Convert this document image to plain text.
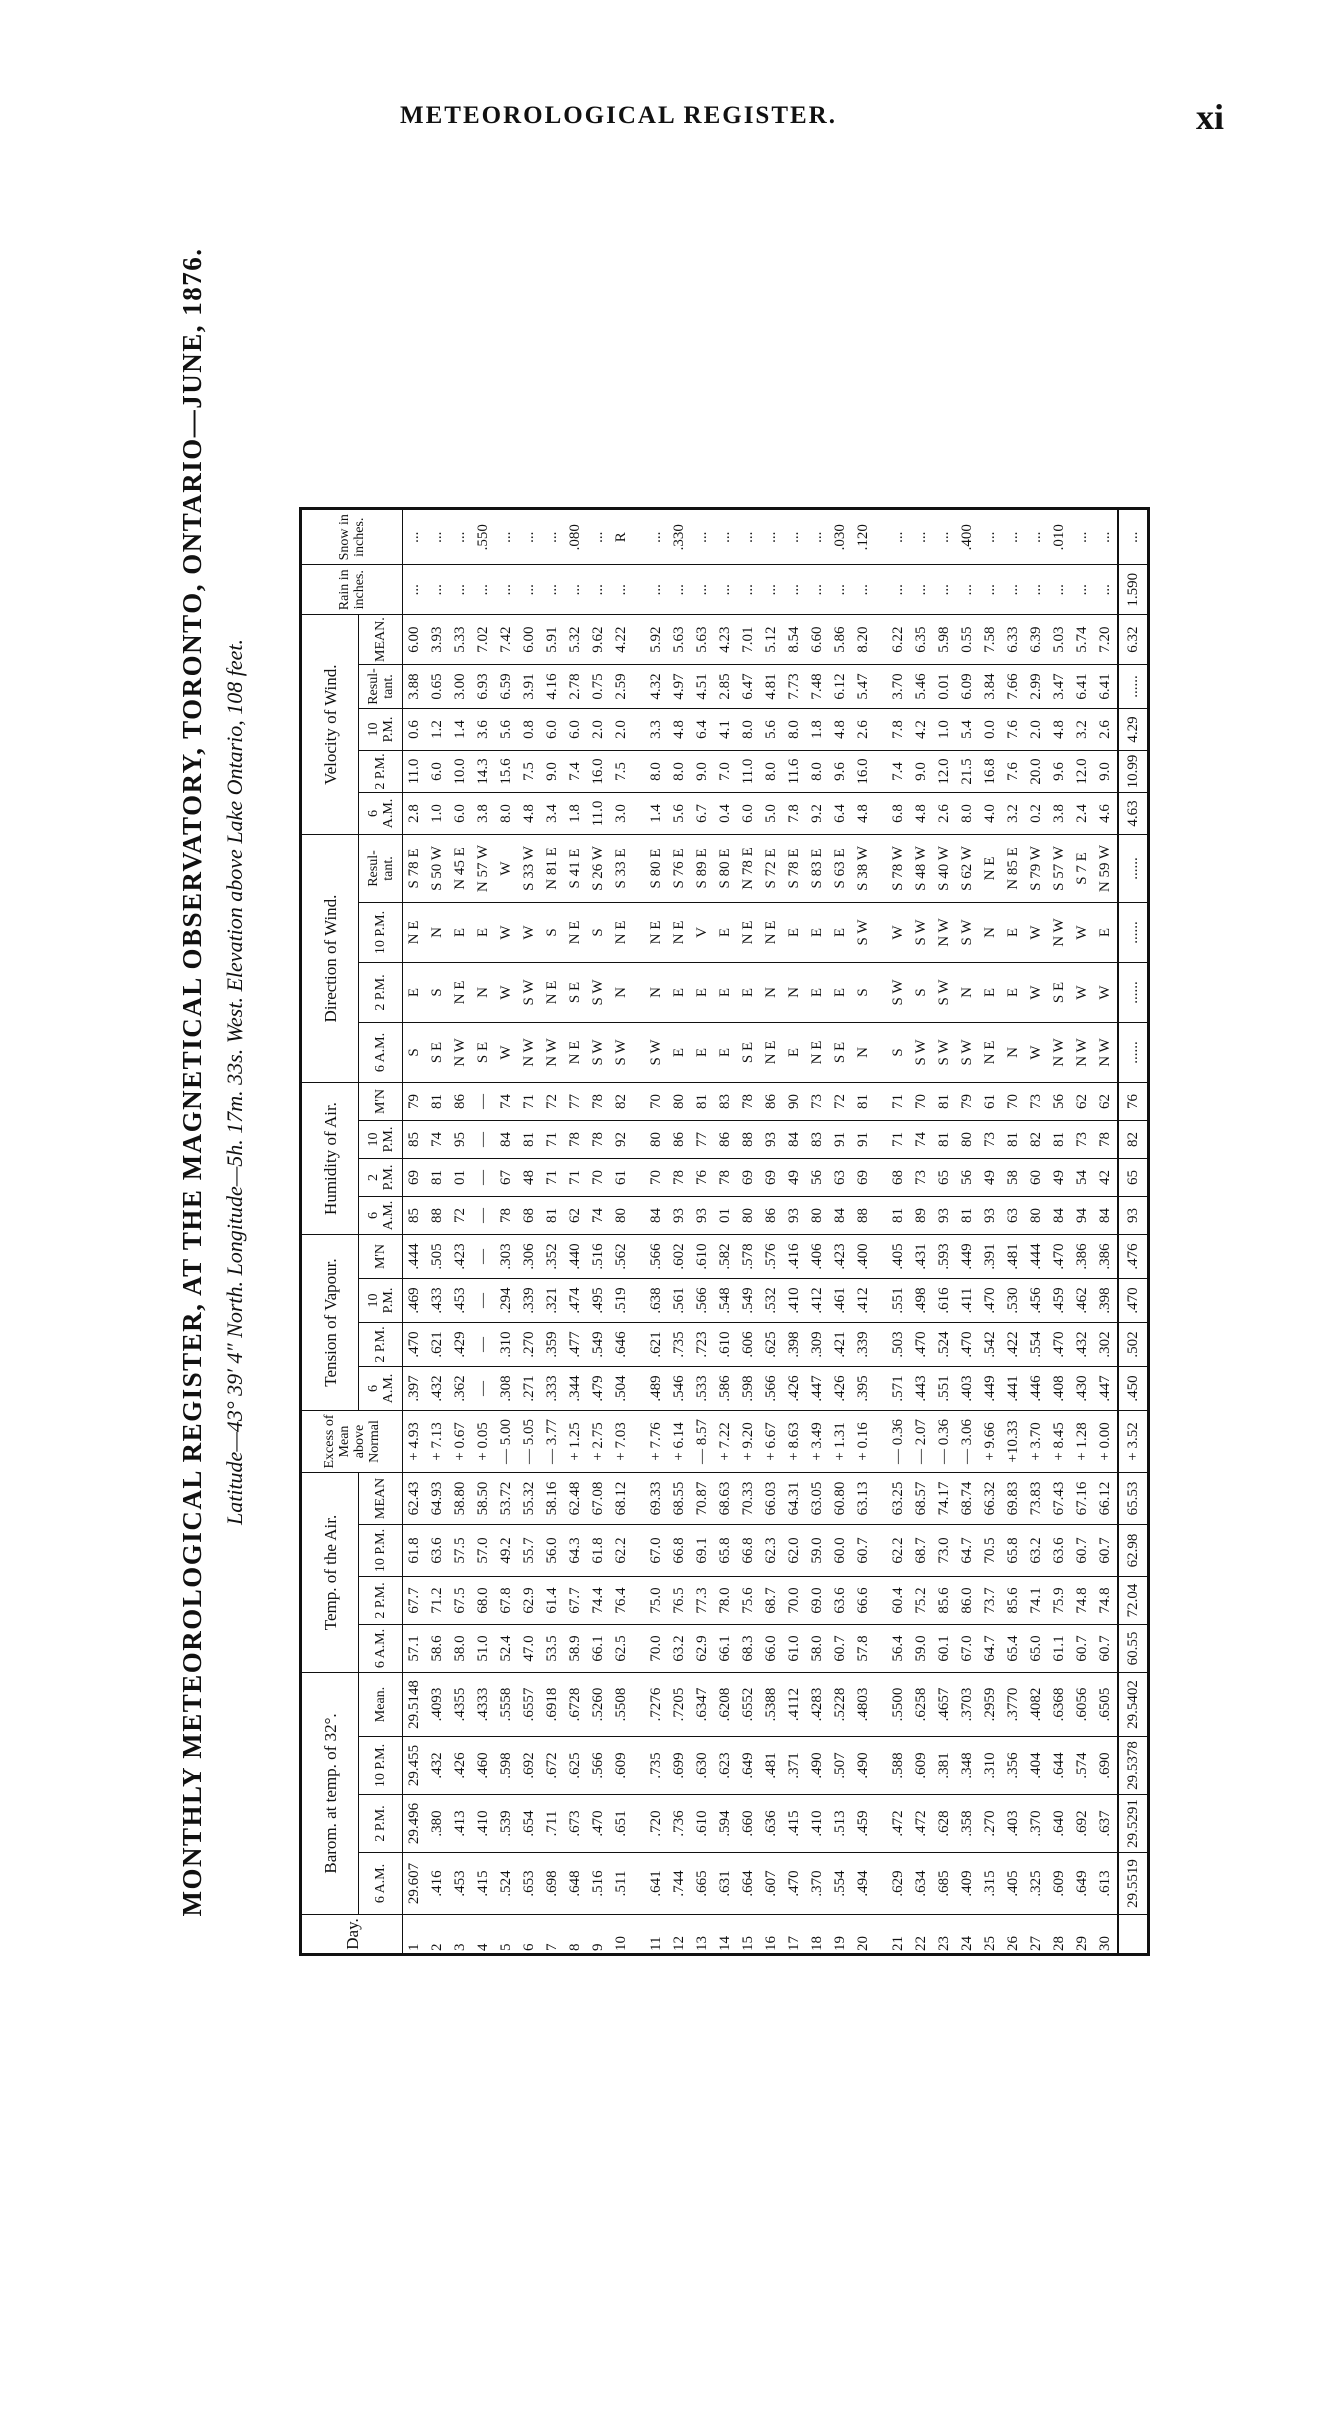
METEOROLOGICAL REGISTER.	xi
MONTHLY METEOROLOGICAL REGISTER, AT THE MAGNETICAL OBSERVATORY, TORONTO, ONTARIO—JUNE, 1876. Latitude—43° 39′ 4″ North. Longitude—5h. 17m. 33s. West. Elevation above Lake Ontario, 108 feet.
Day.	Barom. at temp. of 32°.				Temp. of the Air.				Excess of Mean above Normal	Tension of Vapour.				Humidity of Air.				Direction of Wind.				Velocity of Wind.					Rain in inches.	Snow in inches.
	6 A.M.	2 P.M.	10 P.M.	Mean.	6 A.M.	2 P.M.	10 P.M.	MEAN		6 A.M.	2 P.M.	10 P.M.	M'N	6 A.M.	2 P.M.	10 P.M.	M'N	6 A.M.	2 P.M.	10 P.M.	Resul- tant.	6 A.M.	2 P.M.	10 P.M.	Resul- tant.	MEAN.		
1	29.607	29.496	29.455	29.5148	57.1	67.7	61.8	62.43	+ 4.93	.397	.470	.469	.444	85	69	85	79	S	E	N E	S 78 E	2.8	11.0	0.6	3.88	6.00	...	...
2	.416	.380	.432	.4093	58.6	71.2	63.6	64.93	+ 7.13	.432	.621	.433	.505	88	81	74	81	S E	S	N	S 50 W	1.0	6.0	1.2	0.65	3.93	...	...
3	.453	.413	.426	.4355	58.0	67.5	57.5	58.80	+ 0.67	.362	.429	.453	.423	72	01	95	86	N W	N E	E	N 45 E	6.0	10.0	1.4	3.00	5.33	...	...
4	.415	.410	.460	.4333	51.0	68.0	57.0	58.50	+ 0.05	—	—	—	—	—	—	—	—	S E	N	E	N 57 W	3.8	14.3	3.6	6.93	7.02	...	.550
5	.524	.539	.598	.5558	52.4	67.8	49.2	53.72	— 5.00	.308	.310	.294	.303	78	67	84	74	W	W	W	W	8.0	15.6	5.6	6.59	7.42	...	...
6	.653	.654	.692	.6557	47.0	62.9	55.7	55.32	— 5.05	.271	.270	.339	.306	68	48	81	71	N W	S W	W	S 33 W	4.8	7.5	0.8	3.91	6.00	...	...
7	.698	.711	.672	.6918	53.5	61.4	56.0	58.16	— 3.77	.333	.359	.321	.352	81	71	71	72	N W	N E	S	N 81 E	3.4	9.0	6.0	4.16	5.91	...	...
8	.648	.673	.625	.6728	58.9	67.7	64.3	62.48	+ 1.25	.344	.477	.474	.440	62	71	78	77	N E	S E	N E	S 41 E	1.8	7.4	6.0	2.78	5.32	...	.080
9	.516	.470	.566	.5260	66.1	74.4	61.8	67.08	+ 2.75	.479	.549	.495	.516	74	70	78	78	S W	S W	S	S 26 W	11.0	16.0	2.0	0.75	9.62	...	...
10	.511	.651	.609	.5508	62.5	76.4	62.2	68.12	+ 7.03	.504	.646	.519	.562	80	61	92	82	S W	N	N E	S 33 E	3.0	7.5	2.0	2.59	4.22	...	R

11	.641	.720	.735	.7276	70.0	75.0	67.0	69.33	+ 7.76	.489	.621	.638	.566	84	70	80	70	S W	N	N E	S 80 E	1.4	8.0	3.3	4.32	5.92	...	...
12	.744	.736	.699	.7205	63.2	76.5	66.8	68.55	+ 6.14	.546	.735	.561	.602	93	78	86	80	E	E	N E	S 76 E	5.6	8.0	4.8	4.97	5.63	...	.330
13	.665	.610	.630	.6347	62.9	77.3	69.1	70.87	— 8.57	.533	.723	.566	.610	93	76	77	81	E	E	V	S 89 E	6.7	9.0	6.4	4.51	5.63	...	...
14	.631	.594	.623	.6208	66.1	78.0	65.8	68.63	+ 7.22	.586	.610	.548	.582	01	78	86	83	E	E	E	S 80 E	0.4	7.0	4.1	2.85	4.23	...	...
15	.664	.660	.649	.6552	68.3	75.6	66.8	70.33	+ 9.20	.598	.606	.549	.578	80	69	88	78	S E	E	N E	N 78 E	6.0	11.0	8.0	6.47	7.01	...	...
16	.607	.636	.481	.5388	66.0	68.7	62.3	66.03	+ 6.67	.566	.625	.532	.576	86	69	93	86	N E	N	N E	S 72 E	5.0	8.0	5.6	4.81	5.12	...	...
17	.470	.415	.371	.4112	61.0	70.0	62.0	64.31	+ 8.63	.426	.398	.410	.416	93	49	84	90	E	N	E	S 78 E	7.8	11.6	8.0	7.73	8.54	...	...
18	.370	.410	.490	.4283	58.0	69.0	59.0	63.05	+ 3.49	.447	.309	.412	.406	80	56	83	73	N E	E	E	S 83 E	9.2	8.0	1.8	7.48	6.60	...	...
19	.554	.513	.507	.5228	60.7	63.6	60.0	60.80	+ 1.31	.426	.421	.461	.423	84	63	91	72	S E	E	E	S 63 E	6.4	9.6	4.8	6.12	5.86	...	.030
20	.494	.459	.490	.4803	57.8	66.6	60.7	63.13	+ 0.16	.395	.339	.412	.400	88	69	91	81	N	S	S W	S 38 W	4.8	16.0	2.6	5.47	8.20	...	.120

21	.629	.472	.588	.5500	56.4	60.4	62.2	63.25	— 0.36	.571	.503	.551	.405	81	68	71	71	S	S W	W	S 78 W	6.8	7.4	7.8	3.70	6.22	...	...
22	.634	.472	.609	.6258	59.0	75.2	68.7	68.57	— 2.07	.443	.470	.498	.431	89	73	74	70	S W	S	S W	S 48 W	4.8	9.0	4.2	5.46	6.35	...	...
23	.685	.628	.381	.4657	60.1	85.6	73.0	74.17	— 0.36	.551	.524	.616	.593	93	65	81	81	S W	S W	N W	S 40 W	2.6	12.0	1.0	0.01	5.98	...	...
24	.409	.358	.348	.3703	67.0	86.0	64.7	68.74	— 3.06	.403	.470	.411	.449	81	56	80	79	S W	N	S W	S 62 W	8.0	21.5	5.4	6.09	0.55	...	.400
25	.315	.270	.310	.2959	64.7	73.7	70.5	66.32	+ 9.66	.449	.542	.470	.391	93	49	73	61	N E	E	N	N E	4.0	16.8	0.0	3.84	7.58	...	...
26	.405	.403	.356	.3770	65.4	85.6	65.8	69.83	+10.33	.441	.422	.530	.481	63	58	81	70	N	E	E	N 85 E	3.2	7.6	7.6	7.66	6.33	...	...
27	.325	.370	.404	.4082	65.0	74.1	63.2	73.83	+ 3.70	.446	.554	.456	.444	80	60	82	73	W	W	W	S 79 W	0.2	20.0	2.0	2.99	6.39	...	...
28	.609	.640	.644	.6368	61.1	75.9	63.6	67.43	+ 8.45	.408	.470	.459	.470	84	49	81	56	N W	S E	N W	S 57 W	3.8	9.6	4.8	3.47	5.03	...	.010
29	.649	.692	.574	.6056	60.7	74.8	60.7	67.16	+ 1.28	.430	.432	.462	.386	94	54	73	62	N W	W	W	S 7 E	2.4	12.0	3.2	6.41	5.74	...	...
30	.613	.637	.690	.6505	60.7	74.8	60.7	66.12	+ 0.00	.447	.302	.398	.386	84	42	78	62	N W	W	E	N 59 W	4.6	9.0	2.6	6.41	7.20	...	...
	29.5519	29.5291	29.5378	29.5402	60.55	72.04	62.98	65.53	+ 3.52	.450	.502	.470	.476	93	65	82	76	......	......	......	......	4.63	10.99	4.29	......	6.32	1.590	...
